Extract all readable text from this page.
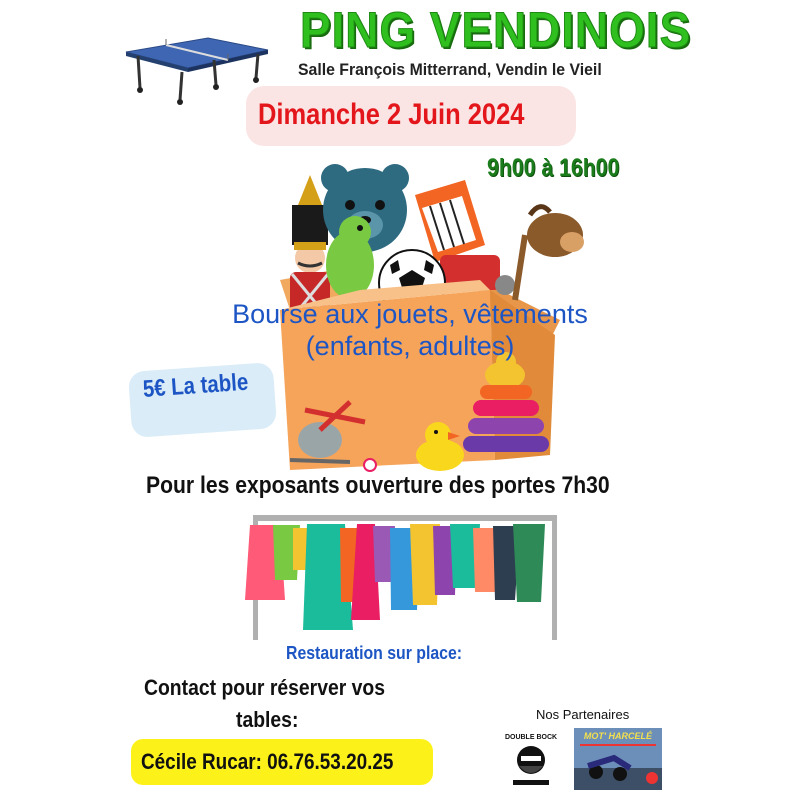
PING VENDINOIS
Salle François Mitterrand, Vendin le Vieil
Dimanche 2 Juin 2024
9h00 à 16h00
Bourse aux jouets, vêtements
(enfants, adultes)
5€ La table
Pour les exposants ouverture des portes 7h30
Restauration sur place:
Contact pour réserver vos
tables:
Cécile Rucar: 06.76.53.20.25
Nos Partenaires
DOUBLE BOCK	MOT' HARCELÉ
